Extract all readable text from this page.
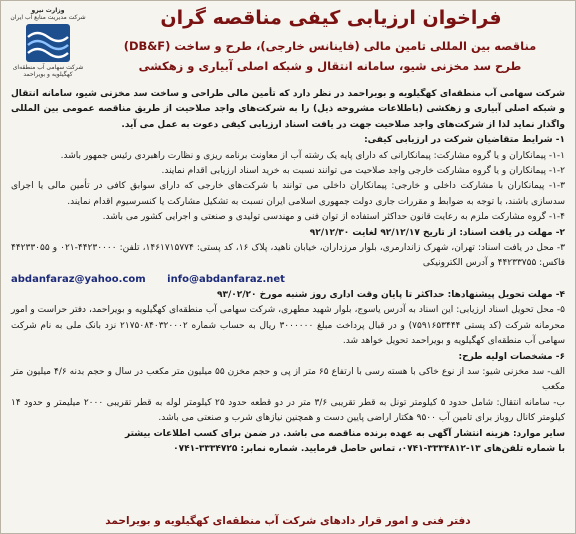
وزارت نیرو
شرکت مدیریت منابع آب ایران
شرکت سهامی آب منطقه‌ای کهگیلویه و بویراحمد
فراخوان ارزیابی کیفی مناقصه گران
مناقصه بین المللی تامین مالی (فاینانس خارجی)، طرح و ساخت (DB&F)
طرح سد مخزنی شیو، سامانه انتقال و شبکه اصلی آبیاری و زهکشی

شرکت سهامی آب منطقه‌ای کهگیلویه و بویراحمد در نظر دارد که تأمین مالی طراحی و ساخت سد مخزنی شیو، سامانه انتقال و شبکه اصلی آبیاری و زهکشی (باطلاعات مشروحه ذیل) را به شرکت‌های واجد صلاحیت از طریق مناقصه عمومی بین المللی واگذار نماید لذا از شرکت‌های واجد صلاحیت جهت در یافت اسناد ارزیابی کیفی دعوت به عمل می آید.

۱- شرایط متقاضیان شرکت در ارزیابی کیفی:

۱-۱- پیمانکاران و یا گروه مشارکت: پیمانکارانی که دارای پایه یک رشته آب از معاونت برنامه ریزی و نظارت راهبردی رئیس جمهور باشد.

۱-۲- پیمانکاران و یا گروه مشارکت خارجی واجد صلاحیت می توانند نسبت به خرید اسناد ارزیابی اقدام نمایند.

۱-۳- پیمانکاران با مشارکت داخلی و خارجی: پیمانکاران داخلی می توانند با شرکت‌های خارجی که دارای سوابق کافی در تأمین مالی یا اجرای سدسازی باشند، با توجه به ضوابط و مقررات جاری دولت جمهوری اسلامی ایران نسبت به تشکیل مشارکت یا کنسرسیوم اقدام نمایند.

۱-۴- گروه مشارکت ملزم به رعایت قانون حداکثر استفاده از توان فنی و مهندسی تولیدی و صنعتی و اجرایی کشور می باشد.

۲- مهلت در یافت اسناد: از تاریخ ۹۲/۱۲/۱۷ لغایت ۹۲/۱۲/۳۰

۳- محل در یافت اسناد: تهران، شهرک زاندارمری، بلوار مرزداران، خیابان ناهید، پلاک ۱۶، کد پستی: ۱۴۶۱۷۱۵۷۷۴، تلفن: ۴۴۲۳۰۰۰۰-۰۲۱ و ۴۴۲۳۳۰۵۵ فاکس: ۴۴۲۳۳۷۵۵ و آدرس الکترونیکی

abdanfaraz@yahoo.com info@abdanfaraz.net

۴- مهلت تحویل پیشنهادها: حداکثر تا پایان وقت اداری روز شنبه مورخ ۹۳/۰۲/۲۰

۵- محل تحویل اسناد ارزیابی: این اسناد به آدرس یاسوج، بلوار شهید مطهری، شرکت سهامی آب منطقه‌ای کهگیلویه و بویراحمد، دفتر حراست و امور محرمانه شرکت (کد پستی ۷۵۹۱۶۵۳۴۴۴) و در قبال پرداخت مبلغ ۳۰۰۰۰۰۰ ریال به حساب شماره ۲۱۷۵۰۸۴۰۳۲۰۰۰۲ نزد بانک ملی به نام شرکت سهامی آب منطقه‌ای کهگیلویه و بویراحمد تحویل خواهد شد.

۶- مشخصات اولیه طرح:

الف- سد مخزنی شیو: سد از نوع خاکی با هسته رسی با ارتفاع ۶۵ متر از پی و حجم مخزن ۵۵ میلیون متر مکعب در سال و حجم بدنه ۴/۶ میلیون متر مکعب

ب- سامانه انتقال: شامل حدود ۵ کیلومتر تونل به قطر تقریبی ۳/۶ متر در دو قطعه حدود ۲۵ کیلومتر لوله به قطر تقریبی ۲۰۰۰ میلیمتر و حدود ۱۴ کیلومتر کانال روباز برای تامین آب ۹۵۰۰ هکتار اراضی پایین دست و همچنین نیازهای شرب و صنعتی می باشد.

سایر موارد: هزینه انتشار آگهی به عهده برنده مناقصه می باشد. در ضمن برای کسب اطلاعات بیشتر

با شماره تلفن‌های ۱۳-۳۳۳۴۸۱۲-۰۷۴۱، تماس حاصل فرمایید. شماره نمابر: ۳۳۳۴۷۲۵-۰۷۴۱

دفتر فنی و امور قرار دادهای شرکت آب منطقه‌ای کهگیلویه و بویراحمد
